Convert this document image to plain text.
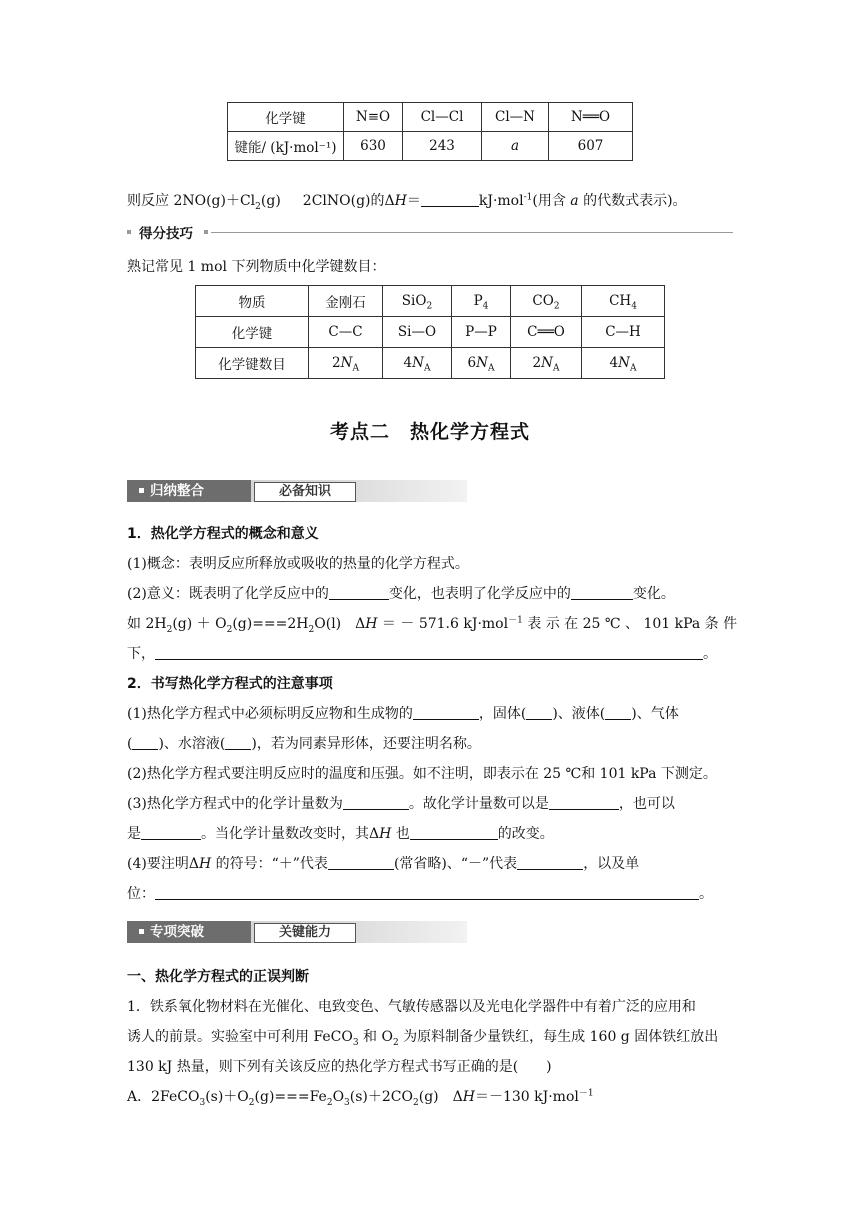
化学键	N≡O	Cl—Cl	Cl—N	N══O
键能/ (kJ·mol⁻¹)	630	243	a	607
则反应 $2NO(g)+Cl_2(g)$ 2ClNO(g)的ΔH＝	kJ·mol$^{-1}$(用含 a 的代数式表示)。
得分技巧
熟记常见 1 mol 下列物质中化学键数目：
物质	金刚石	SiO$_2$	$P_4$	$CO_2$	$CH_4$
化学键	C—C	Si—O	P—P	C══O	C—H
化学键数目	$2N_A$	$4N_A$	$6N_A$	$2N_A$	$4N_A$
考点二　热化学方程式
归纳整合	必备知识
1．热化学方程式的概念和意义
(1)概念：表明反应所释放或吸收的热量的化学方程式。
(2)意义：既表明了化学反应中的	变化，也表明了化学反应中的	变化。
如 $2H_2(g) + O_2(g)===2H_2O(l)$　ΔH ＝ － 571.6 kJ·mol$^{-1}$ 表 示 在 25 ℃ 、 101 kPa 条 件
下，	。
2．书写热化学方程式的注意事项
(1)热化学方程式中必须标明反应物和生成物的	，固体( )、液体( )、气体
( )、水溶液( )，若为同素异形体，还要注明名称。
(2)热化学方程式要注明反应时的温度和压强。如不注明，即表示在 25 ℃和 101 kPa 下测定。
(3)热化学方程式中的化学计量数为	。故化学计量数可以是	，也可以
是	。当化学计量数改变时，其ΔH 也	的改变。
(4)要注明ΔH 的符号：“＋”代表	(常省略)、“－”代表	，以及单
位：	。
专项突破	关键能力
一、热化学方程式的正误判断
1．铁系氧化物材料在光催化、电致变色、气敏传感器以及光电化学器件中有着广泛的应用和
诱人的前景。实验室中可利用 FeCO$_3$ 和 $O_2$ 为原料制备少量铁红，每生成 160 g 固体铁红放出
130 kJ 热量，则下列有关该反应的热化学方程式书写正确的是(　　)
A．$2FeCO_3(s)+O_2(g)===Fe_2O_3(s)+2CO_2(g)$　ΔH＝－130 kJ·mol$^{-1}$
